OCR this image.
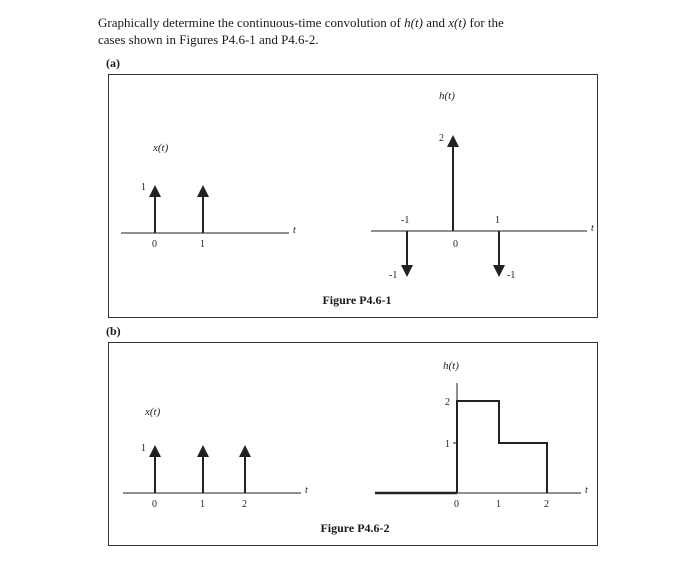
Graphically determine the continuous-time convolution of h(t) and x(t) for the
cases shown in Figures P4.6-1 and P4.6-2.

(a)
x(t)
1
0	1
t
h(t)
2
-1
0
1
-1	-1
t
Figure P4.6-1
(b)
x(t)
1
0	1	2
t
h(t)
2
1
0	1	2
t
Figure P4.6-2
